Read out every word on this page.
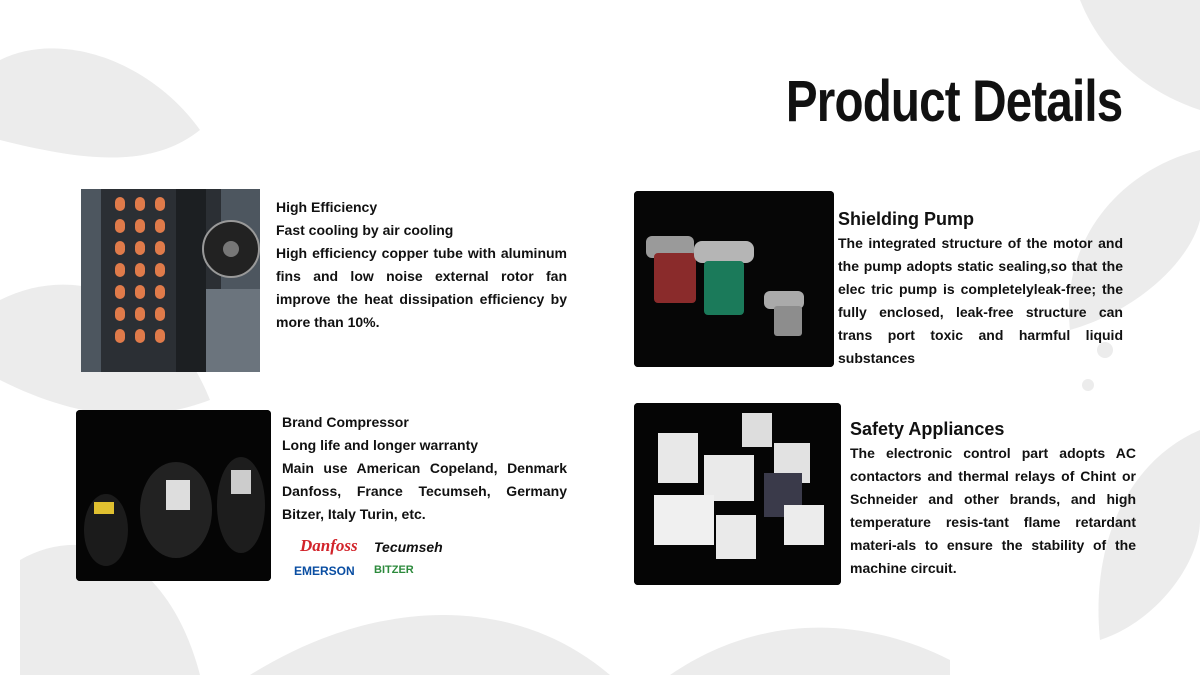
Product Details

High Efficiency

Fast cooling by air cooling

High efficiency copper tube with aluminum fins and low noise external rotor fan improve the heat dissipation efficiency by more than 10%.

Brand Compressor

Long life and longer warranty

Main use American Copeland, Denmark Danfoss, France Tecumseh, Germany Bitzer, Italy Turin, etc.

Danfoss Tecumseh
EMERSON BITZER

Shielding Pump

The integrated structure of the motor and the pump adopts static sealing,so that the elec tric pump is completelyleak-free; the fully enclosed, leak-free structure can trans port toxic and harmful liquid substances

Safety Appliances

The electronic control part adopts AC contactors and thermal relays of Chint or Schneider and other brands, and high temperature resis-tant flame retardant materi-als to ensure the stability of the machine circuit.
